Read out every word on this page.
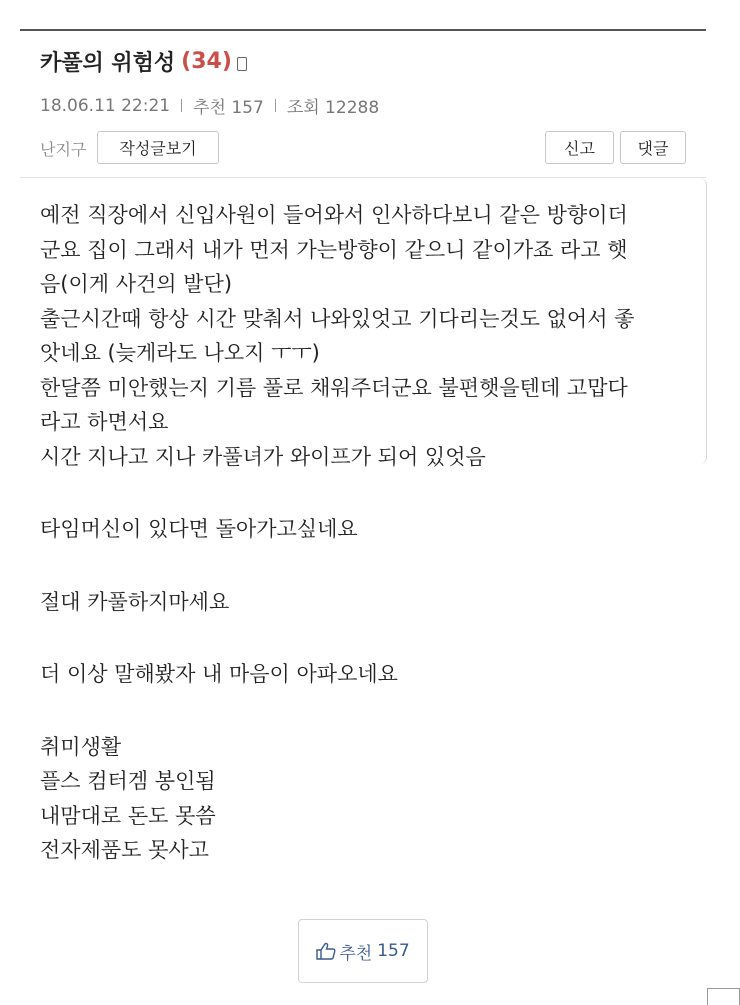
카풀의 위험성 (34)
18.06.11 22:21 추천 157 조회 12288
난지구	작성글보기	신고	댓글
예전 직장에서 신입사원이 들어와서 인사하다보니 같은 방향이더
군요 집이 그래서 내가 먼저 가는방향이 같으니 같이가죠 라고 햇
음(이게 사건의 발단)
출근시간때 항상 시간 맞춰서 나와있엇고 기다리는것도 없어서 좋
앗네요 (늦게라도 나오지 ㅜㅜ)
한달쯤 미안했는지 기름 풀로 채워주더군요 불편햇을텐데 고맙다
라고 하면서요
시간 지나고 지나 카풀녀가 와이프가 되어 있엇음
타임머신이 있다면 돌아가고싶네요
절대 카풀하지마세요
더 이상 말해봤자 내 마음이 아파오네요
취미생활
플스 컴터겜 봉인됨
내맘대로 돈도 못씀
전자제품도 못사고
추천 157
